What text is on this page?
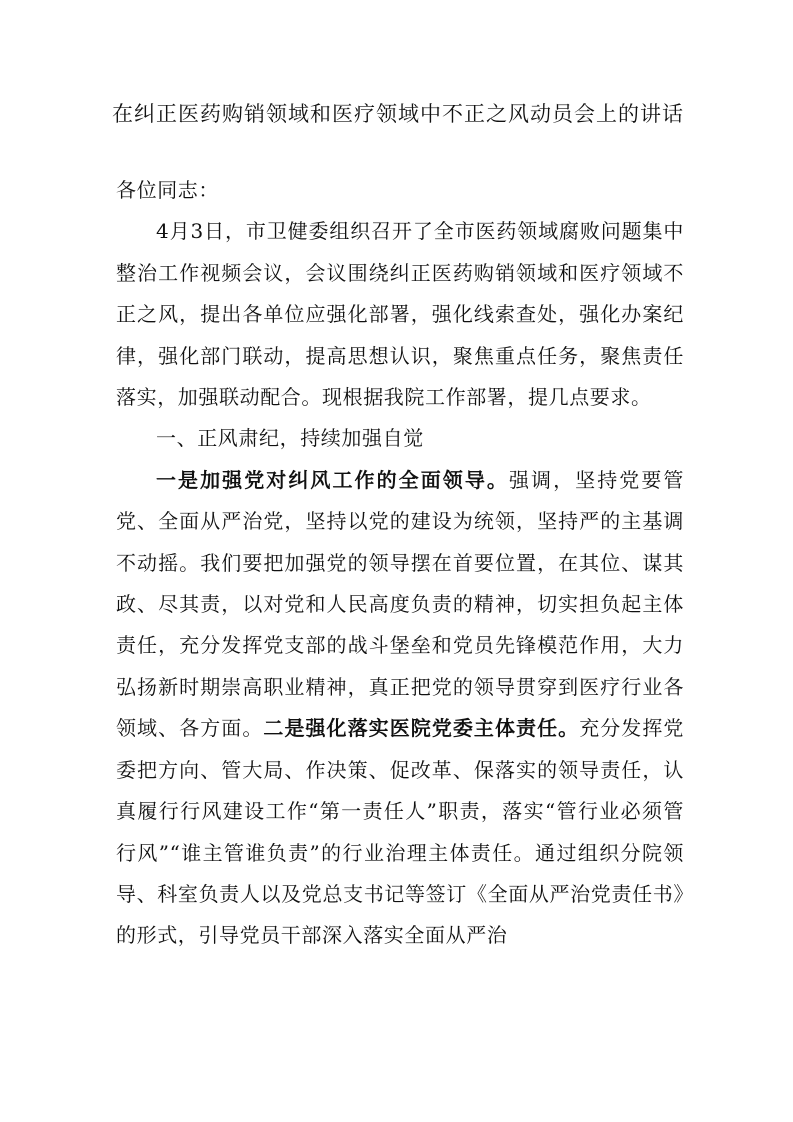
在纠正医药购销领域和医疗领域中不正之风动员会上的讲话

各位同志：

4月3日，市卫健委组织召开了全市医药领域腐败问题集中整治工作视频会议，会议围绕纠正医药购销领域和医疗领域不正之风，提出各单位应强化部署，强化线索查处，强化办案纪律，强化部门联动，提高思想认识，聚焦重点任务，聚焦责任落实，加强联动配合。现根据我院工作部署，提几点要求。

一、正风肃纪，持续加强自觉

一是加强党对纠风工作的全面领导。强调，坚持党要管党、全面从严治党，坚持以党的建设为统领，坚持严的主基调不动摇。我们要把加强党的领导摆在首要位置，在其位、谋其政、尽其责，以对党和人民高度负责的精神，切实担负起主体责任，充分发挥党支部的战斗堡垒和党员先锋模范作用，大力弘扬新时期崇高职业精神，真正把党的领导贯穿到医疗行业各领域、各方面。二是强化落实医院党委主体责任。充分发挥党委把方向、管大局、作决策、促改革、保落实的领导责任，认真履行行风建设工作“第一责任人”职责，落实“管行业必须管行风”“谁主管谁负责”的行业治理主体责任。通过组织分院领导、科室负责人以及党总支书记等签订《全面从严治党责任书》的形式，引导党员干部深入落实全面从严治
